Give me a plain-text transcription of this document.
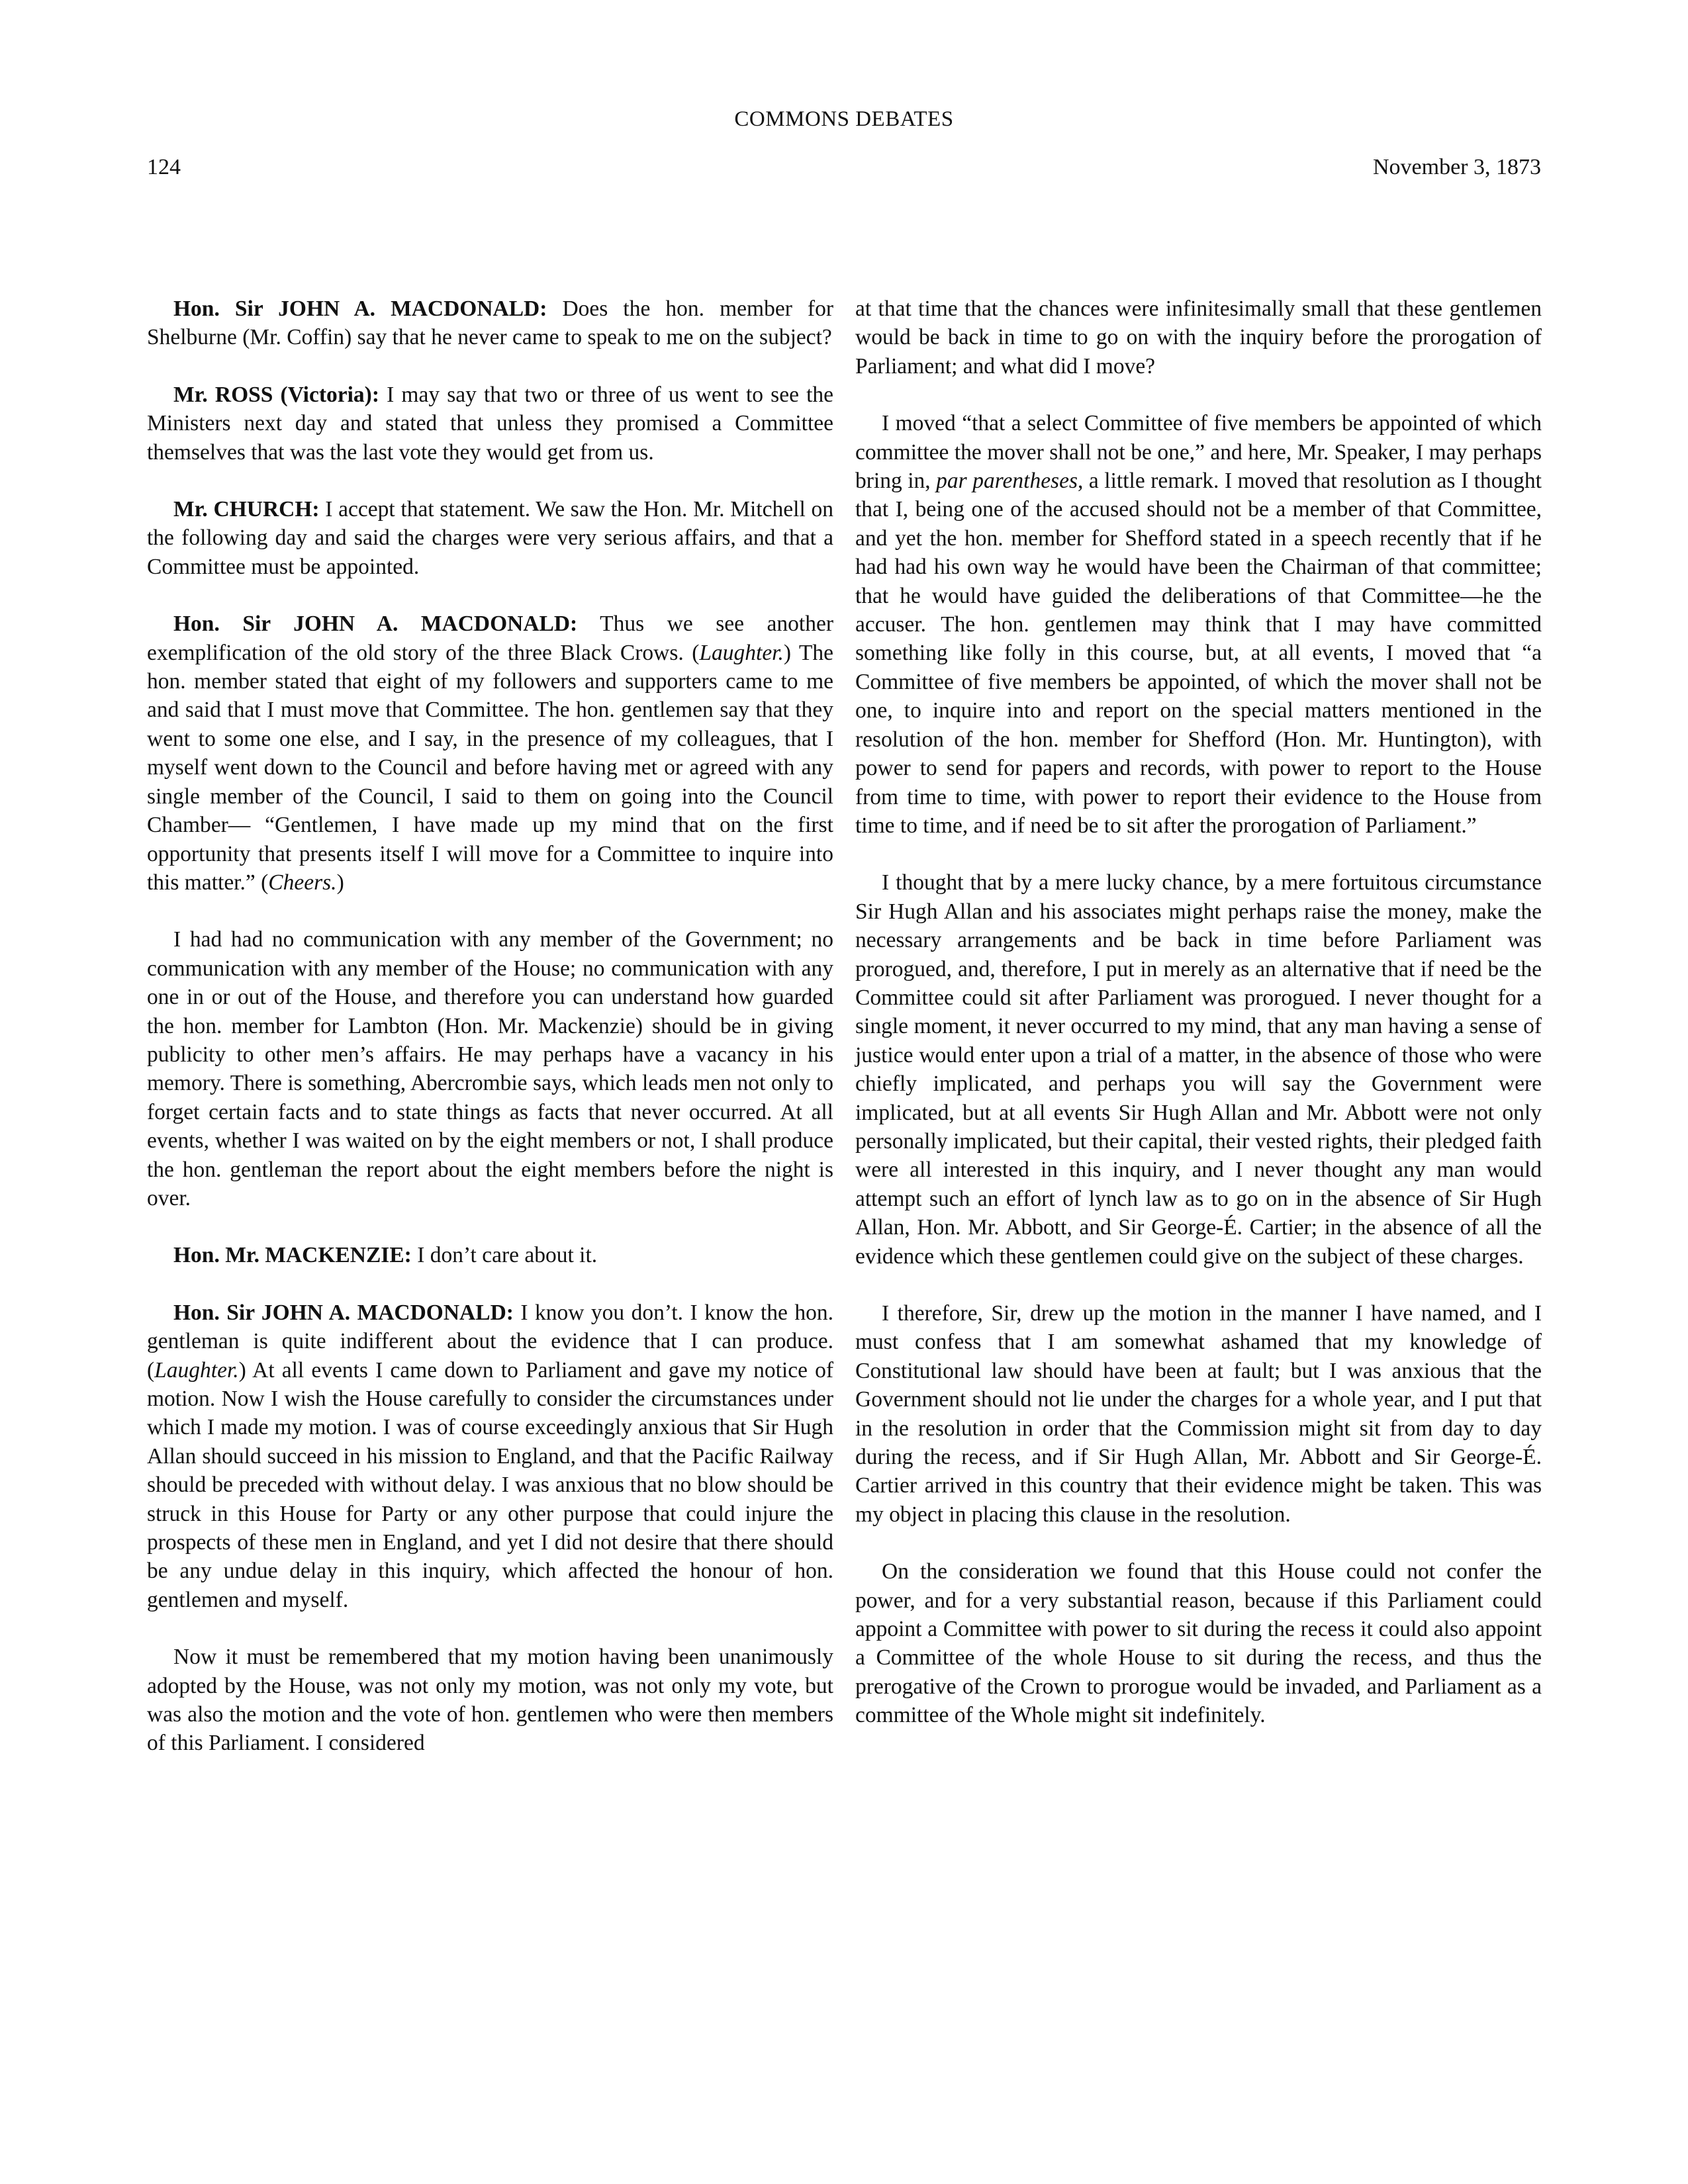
COMMONS DEBATES
124	November 3, 1873

Hon. Sir JOHN A. MACDONALD: Does the hon. member for Shelburne (Mr. Coffin) say that he never came to speak to me on the subject?

Mr. ROSS (Victoria): I may say that two or three of us went to see the Ministers next day and stated that unless they promised a Committee themselves that was the last vote they would get from us.

Mr. CHURCH: I accept that statement. We saw the Hon. Mr. Mitchell on the following day and said the charges were very serious affairs, and that a Committee must be appointed.

Hon. Sir JOHN A. MACDONALD: Thus we see another exemplification of the old story of the three Black Crows. (Laughter.) The hon. member stated that eight of my followers and supporters came to me and said that I must move that Committee. The hon. gentlemen say that they went to some one else, and I say, in the presence of my colleagues, that I myself went down to the Council and before having met or agreed with any single member of the Council, I said to them on going into the Council Chamber— “Gentlemen, I have made up my mind that on the first opportunity that presents itself I will move for a Committee to inquire into this matter.” (Cheers.)

I had had no communication with any member of the Government; no communication with any member of the House; no communication with any one in or out of the House, and therefore you can understand how guarded the hon. member for Lambton (Hon. Mr. Mackenzie) should be in giving publicity to other men’s affairs. He may perhaps have a vacancy in his memory. There is something, Abercrombie says, which leads men not only to forget certain facts and to state things as facts that never occurred. At all events, whether I was waited on by the eight members or not, I shall produce the hon. gentleman the report about the eight members before the night is over.

Hon. Mr. MACKENZIE: I don’t care about it.

Hon. Sir JOHN A. MACDONALD: I know you don’t. I know the hon. gentleman is quite indifferent about the evidence that I can produce. (Laughter.) At all events I came down to Parliament and gave my notice of motion. Now I wish the House carefully to consider the circumstances under which I made my motion. I was of course exceedingly anxious that Sir Hugh Allan should succeed in his mission to England, and that the Pacific Railway should be preceded with without delay. I was anxious that no blow should be struck in this House for Party or any other purpose that could injure the prospects of these men in England, and yet I did not desire that there should be any undue delay in this inquiry, which affected the honour of hon. gentlemen and myself.

Now it must be remembered that my motion having been unanimously adopted by the House, was not only my motion, was not only my vote, but was also the motion and the vote of hon. gentlemen who were then members of this Parliament. I considered

at that time that the chances were infinitesimally small that these gentlemen would be back in time to go on with the inquiry before the prorogation of Parliament; and what did I move?

I moved “that a select Committee of five members be appointed of which committee the mover shall not be one,” and here, Mr. Speaker, I may perhaps bring in, par parentheses, a little remark. I moved that resolution as I thought that I, being one of the accused should not be a member of that Committee, and yet the hon. member for Shefford stated in a speech recently that if he had had his own way he would have been the Chairman of that committee; that he would have guided the deliberations of that Committee—he the accuser. The hon. gentlemen may think that I may have committed something like folly in this course, but, at all events, I moved that “a Committee of five members be appointed, of which the mover shall not be one, to inquire into and report on the special matters mentioned in the resolution of the hon. member for Shefford (Hon. Mr. Huntington), with power to send for papers and records, with power to report to the House from time to time, with power to report their evidence to the House from time to time, and if need be to sit after the prorogation of Parliament.”

I thought that by a mere lucky chance, by a mere fortuitous circumstance Sir Hugh Allan and his associates might perhaps raise the money, make the necessary arrangements and be back in time before Parliament was prorogued, and, therefore, I put in merely as an alternative that if need be the Committee could sit after Parliament was prorogued. I never thought for a single moment, it never occurred to my mind, that any man having a sense of justice would enter upon a trial of a matter, in the absence of those who were chiefly implicated, and perhaps you will say the Government were implicated, but at all events Sir Hugh Allan and Mr. Abbott were not only personally implicated, but their capital, their vested rights, their pledged faith were all interested in this inquiry, and I never thought any man would attempt such an effort of lynch law as to go on in the absence of Sir Hugh Allan, Hon. Mr. Abbott, and Sir George-É. Cartier; in the absence of all the evidence which these gentlemen could give on the subject of these charges.

I therefore, Sir, drew up the motion in the manner I have named, and I must confess that I am somewhat ashamed that my knowledge of Constitutional law should have been at fault; but I was anxious that the Government should not lie under the charges for a whole year, and I put that in the resolution in order that the Commission might sit from day to day during the recess, and if Sir Hugh Allan, Mr. Abbott and Sir George-É. Cartier arrived in this country that their evidence might be taken. This was my object in placing this clause in the resolution.

On the consideration we found that this House could not confer the power, and for a very substantial reason, because if this Parliament could appoint a Committee with power to sit during the recess it could also appoint a Committee of the whole House to sit during the recess, and thus the prerogative of the Crown to prorogue would be invaded, and Parliament as a committee of the Whole might sit indefinitely.
